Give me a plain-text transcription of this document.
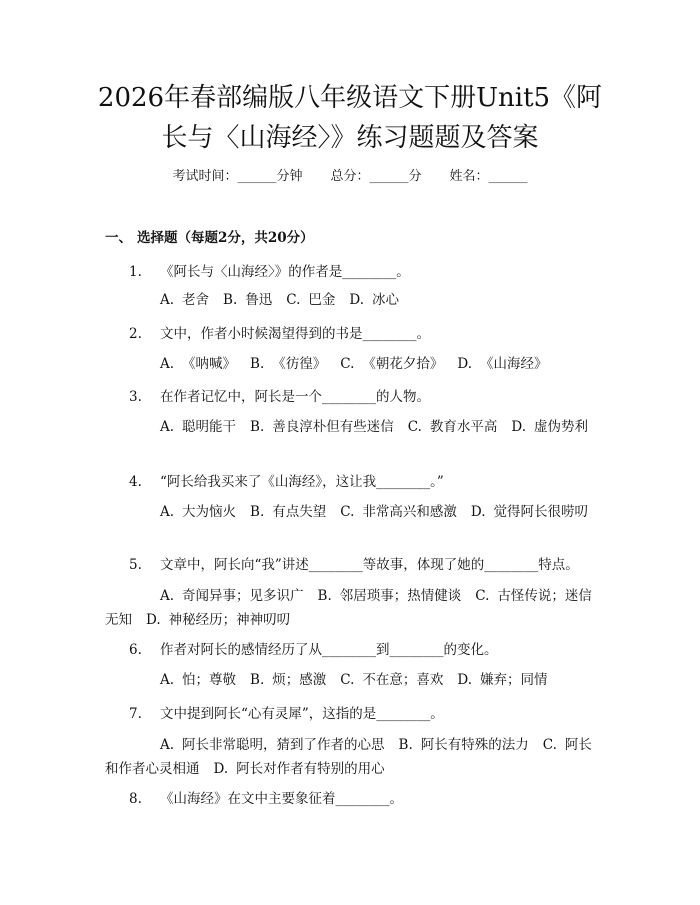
2026年春部编版八年级语文下册Unit5《阿
长与〈山海经〉》练习题题及答案
考试时间：______分钟 总分：______分 姓名：______
一、 选择题（每题2分，共20分）
1. 《阿长与〈山海经〉》的作者是________。
A. 老舍 B. 鲁迅 C. 巴金 D. 冰心
2. 文中，作者小时候渴望得到的书是________。
A. 《呐喊》 B. 《彷徨》 C. 《朝花夕拾》 D. 《山海经》
3. 在作者记忆中，阿长是一个________的人物。
A. 聪明能干 B. 善良淳朴但有些迷信 C. 教育水平高 D. 虚伪势利
4. “阿长给我买来了《山海经》，这让我________。”
A. 大为恼火 B. 有点失望 C. 非常高兴和感激 D. 觉得阿长很唠叨
5. 文章中，阿长向“我”讲述________等故事，体现了她的________特点。
A. 奇闻异事；见多识广 B. 邻居琐事；热情健谈 C. 古怪传说；迷信无知 D. 神秘经历；神神叨叨
6. 作者对阿长的感情经历了从________到________的变化。
A. 怕；尊敬 B. 烦；感激 C. 不在意；喜欢 D. 嫌弃；同情
7. 文中提到阿长“心有灵犀”，这指的是________。
A. 阿长非常聪明，猜到了作者的心思 B. 阿长有特殊的法力 C. 阿长和作者心灵相通 D. 阿长对作者有特别的用心
8. 《山海经》在文中主要象征着________。
